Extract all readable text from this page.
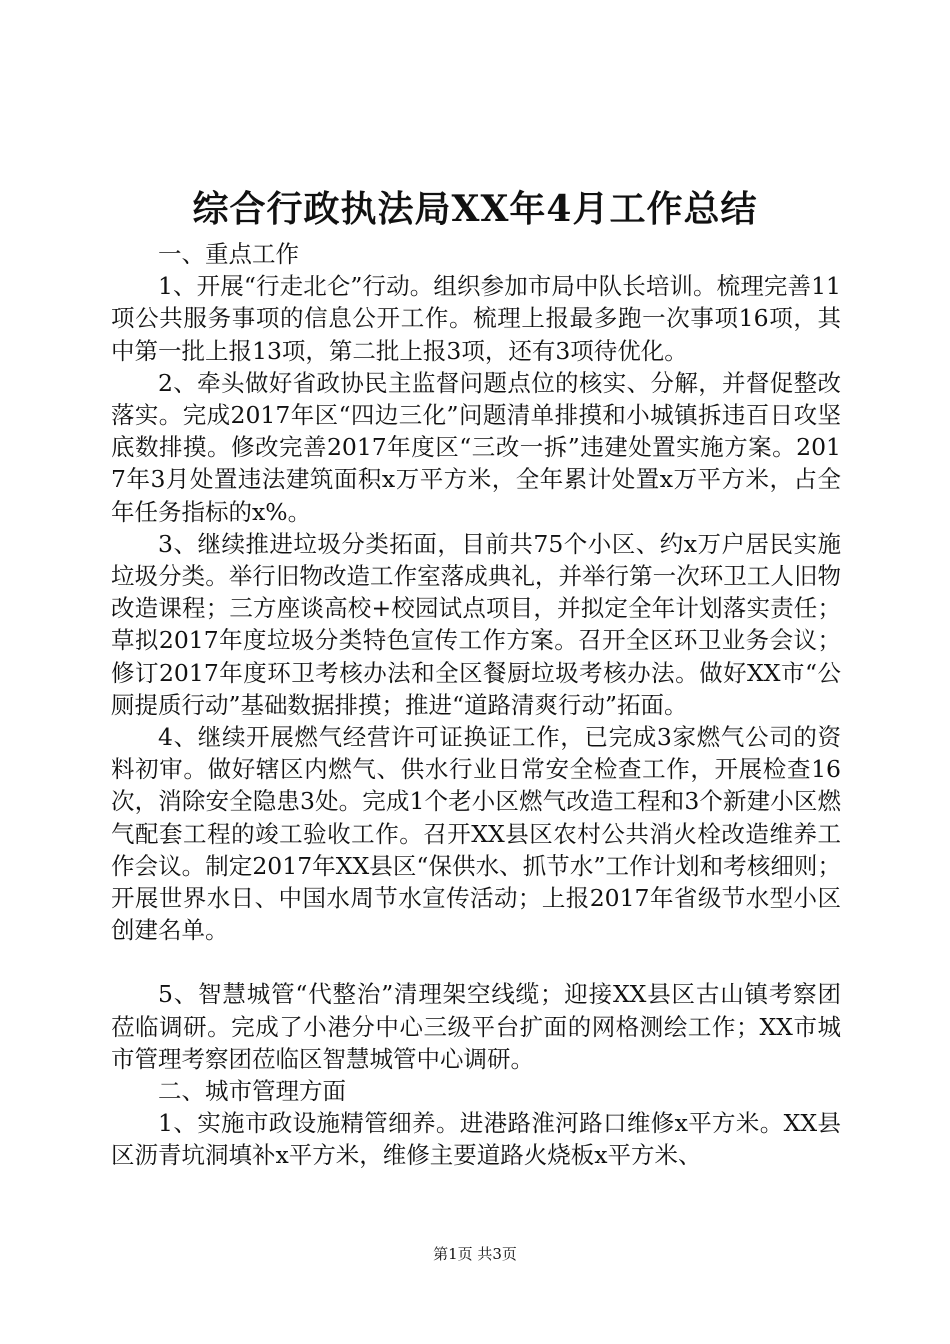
综合行政执法局XX年4月工作总结

一、重点工作

1、开展“行走北仑”行动。组织参加市局中队长培训。梳理完善11项公共服务事项的信息公开工作。梳理上报最多跑一次事项16项，其中第一批上报13项，第二批上报3项，还有3项待优化。

2、牵头做好省政协民主监督问题点位的核实、分解，并督促整改落实。完成2017年区“四边三化”问题清单排摸和小城镇拆违百日攻坚底数排摸。修改完善2017年度区“三改一拆”违建处置实施方案。2017年3月处置违法建筑面积x万平方米，全年累计处置x万平方米，占全年任务指标的x%。

3、继续推进垃圾分类拓面，目前共75个小区、约x万户居民实施垃圾分类。举行旧物改造工作室落成典礼，并举行第一次环卫工人旧物改造课程；三方座谈高校+校园试点项目，并拟定全年计划落实责任；草拟2017年度垃圾分类特色宣传工作方案。召开全区环卫业务会议；修订2017年度环卫考核办法和全区餐厨垃圾考核办法。做好XX市“公厕提质行动”基础数据排摸；推进“道路清爽行动”拓面。

4、继续开展燃气经营许可证换证工作，已完成3家燃气公司的资料初审。做好辖区内燃气、供水行业日常安全检查工作，开展检查16次，消除安全隐患3处。完成1个老小区燃气改造工程和3个新建小区燃气配套工程的竣工验收工作。召开XX县区农村公共消火栓改造维养工作会议。制定2017年XX县区“保供水、抓节水”工作计划和考核细则；开展世界水日、中国水周节水宣传活动；上报2017年省级节水型小区创建名单。

5、智慧城管“代整治”清理架空线缆；迎接XX县区古山镇考察团莅临调研。完成了小港分中心三级平台扩面的网格测绘工作；XX市城市管理考察团莅临区智慧城管中心调研。

二、城市管理方面

1、实施市政设施精管细养。进港路淮河路口维修x平方米。XX县区沥青坑洞填补x平方米，维修主要道路火烧板x平方米、

第1页 共3页
